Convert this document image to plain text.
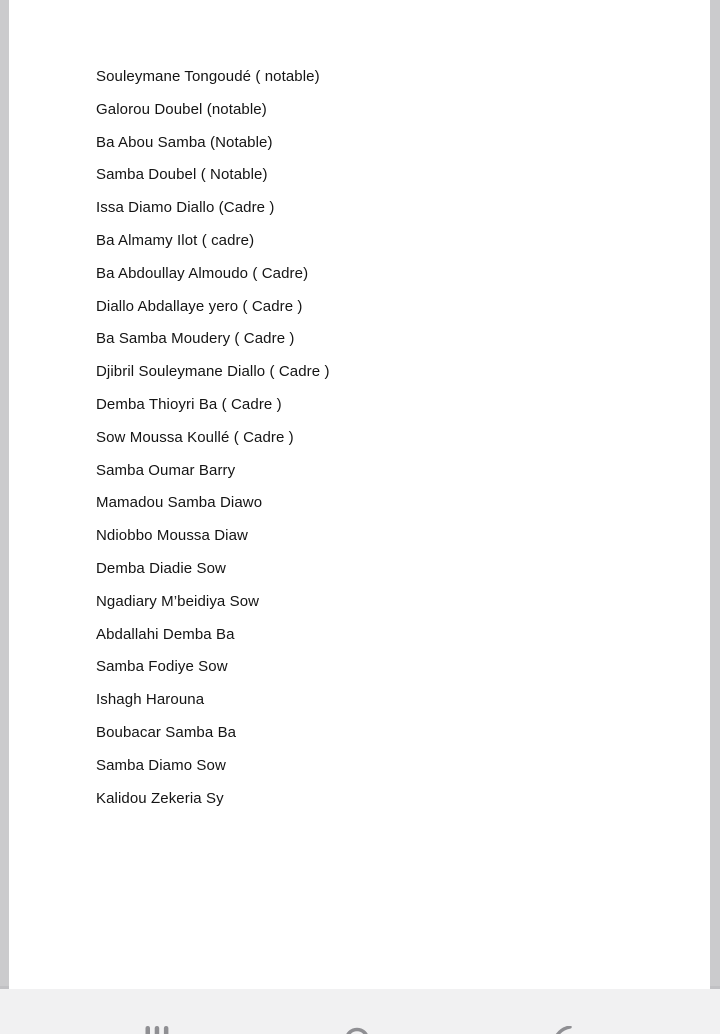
Souleymane Tongoudé ( notable)
Galorou Doubel (notable)
Ba Abou Samba (Notable)
Samba Doubel ( Notable)
Issa Diamo Diallo (Cadre )
Ba Almamy Ilot ( cadre)
Ba Abdoullay Almoudo ( Cadre)
Diallo Abdallaye yero ( Cadre )
Ba Samba Moudery ( Cadre )
Djibril Souleymane Diallo ( Cadre )
Demba Thioyri Ba ( Cadre )
Sow Moussa Koullé ( Cadre )
Samba Oumar Barry
Mamadou Samba Diawo
Ndiobbo Moussa Diaw
Demba Diadie Sow
Ngadiary M’beidiya Sow
Abdallahi Demba Ba
Samba Fodiye Sow
Ishagh Harouna
Boubacar Samba Ba
Samba Diamo Sow
Kalidou Zekeria Sy
